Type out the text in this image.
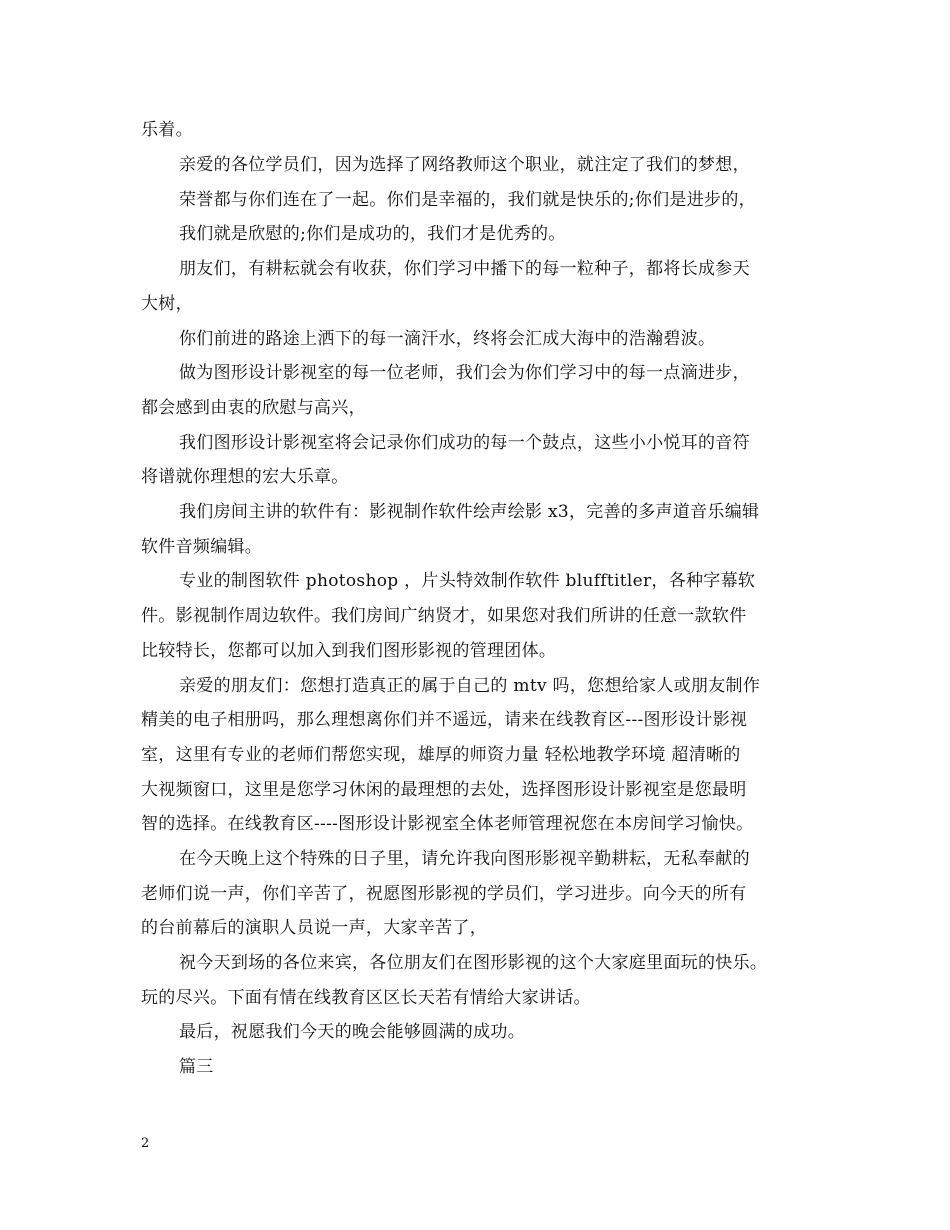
乐着。
亲爱的各位学员们，因为选择了网络教师这个职业，就注定了我们的梦想，
荣誉都与你们连在了一起。你们是幸福的，我们就是快乐的;你们是进步的，
我们就是欣慰的;你们是成功的，我们才是优秀的。
朋友们，有耕耘就会有收获，你们学习中播下的每一粒种子，都将长成参天
大树，
你们前进的路途上洒下的每一滴汗水，终将会汇成大海中的浩瀚碧波。
做为图形设计影视室的每一位老师，我们会为你们学习中的每一点滴进步，
都会感到由衷的欣慰与高兴，
我们图形设计影视室将会记录你们成功的每一个鼓点，这些小小悦耳的音符
将谱就你理想的宏大乐章。
我们房间主讲的软件有：影视制作软件绘声绘影 x3，完善的多声道音乐编辑
软件音频编辑。
专业的制图软件 photoshop ，片头特效制作软件 blufftitler，各种字幕软
件。影视制作周边软件。我们房间广纳贤才，如果您对我们所讲的任意一款软件
比较特长，您都可以加入到我们图形影视的管理团体。
亲爱的朋友们：您想打造真正的属于自己的 mtv 吗，您想给家人或朋友制作
精美的电子相册吗，那么理想离你们并不遥远，请来在线教育区---图形设计影视
室，这里有专业的老师们帮您实现，雄厚的师资力量 轻松地教学环境 超清晰的
大视频窗口，这里是您学习休闲的最理想的去处，选择图形设计影视室是您最明
智的选择。在线教育区----图形设计影视室全体老师管理祝您在本房间学习愉快。
在今天晚上这个特殊的日子里，请允许我向图形影视辛勤耕耘，无私奉献的
老师们说一声，你们辛苦了，祝愿图形影视的学员们，学习进步。向今天的所有
的台前幕后的演职人员说一声，大家辛苦了，
祝今天到场的各位来宾，各位朋友们在图形影视的这个大家庭里面玩的快乐。
玩的尽兴。下面有情在线教育区区长天若有情给大家讲话。
最后，祝愿我们今天的晚会能够圆满的成功。
篇三
2
